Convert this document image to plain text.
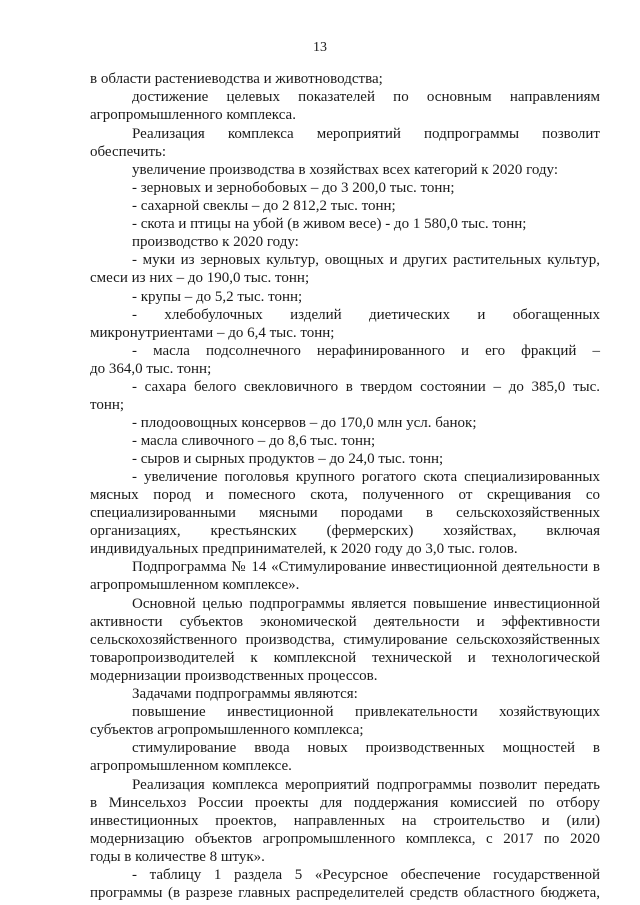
13
в области растениеводства и животноводства;
достижение целевых показателей по основным направлениям
агропромышленного комплекса.
Реализация комплекса мероприятий подпрограммы позволит
обеспечить:
увеличение производства в хозяйствах всех категорий к 2020 году:
- зерновых и зернобобовых – до 3 200,0 тыс. тонн;
- сахарной свеклы – до 2 812,2 тыс. тонн;
- скота и птицы на убой (в живом весе) - до 1 580,0 тыс. тонн;
производство к 2020 году:
- муки из зерновых культур, овощных и других растительных культур,
смеси из них – до 190,0 тыс. тонн;
- крупы – до 5,2 тыс. тонн;
- хлебобулочных изделий диетических и обогащенных
микронутриентами – до 6,4 тыс. тонн;
- масла подсолнечного нерафинированного и его фракций –
до 364,0 тыс. тонн;
- сахара белого свекловичного в твердом состоянии – до 385,0 тыс.
тонн;
- плодоовощных консервов – до 170,0 млн усл. банок;
- масла сливочного – до 8,6 тыс. тонн;
- сыров и сырных продуктов – до 24,0 тыс. тонн;
- увеличение поголовья крупного рогатого скота специализированных
мясных пород и помесного скота, полученного от скрещивания со
специализированными мясными породами в сельскохозяйственных
организациях, крестьянских (фермерских) хозяйствах, включая
индивидуальных предпринимателей, к 2020 году до 3,0 тыс. голов.
Подпрограмма № 14 «Стимулирование инвестиционной деятельности в
агропромышленном комплексе».
Основной целью подпрограммы является повышение инвестиционной
активности субъектов экономической деятельности и эффективности
сельскохозяйственного производства, стимулирование сельскохозяйственных
товаропроизводителей к комплексной технической и технологической
модернизации производственных процессов.
Задачами подпрограммы являются:
повышение инвестиционной привлекательности хозяйствующих
субъектов агропромышленного комплекса;
стимулирование ввода новых производственных мощностей в
агропромышленном комплексе.
Реализация комплекса мероприятий подпрограммы позволит передать
в Минсельхоз России проекты для поддержания комиссией по отбору
инвестиционных проектов, направленных на строительство и (или)
модернизацию объектов агропромышленного комплекса, с 2017 по 2020
годы в количестве 8 штук».
- таблицу 1 раздела 5 «Ресурсное обеспечение государственной
программы (в разрезе главных распределителей средств областного бюджета,
